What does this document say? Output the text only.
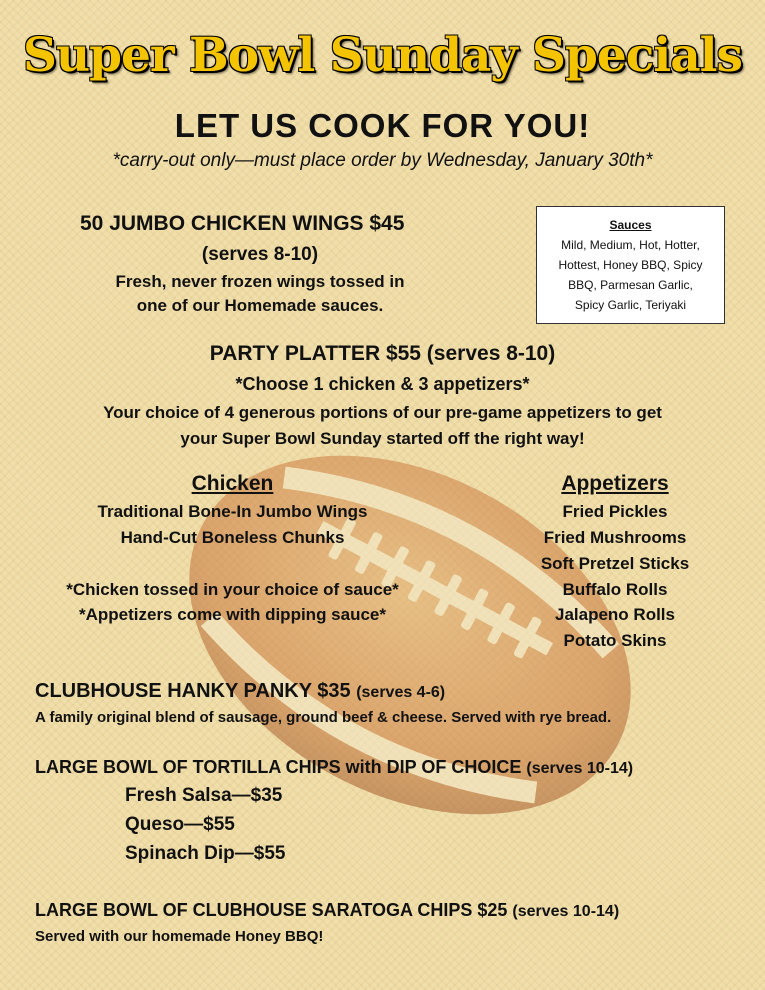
Super Bowl Sunday Specials
LET US COOK FOR YOU!
*carry-out only—must place order by Wednesday, January 30th*
50 JUMBO CHICKEN WINGS $45
(serves 8-10)
Fresh, never frozen wings tossed in
one of our Homemade sauces.
Sauces
Mild, Medium, Hot, Hotter,
Hottest, Honey BBQ, Spicy
BBQ, Parmesan Garlic,
Spicy Garlic, Teriyaki
PARTY PLATTER $55 (serves 8-10)
*Choose 1 chicken & 3 appetizers*
Your choice of 4 generous portions of our pre-game appetizers to get
your Super Bowl Sunday started off the right way!
Chicken
Traditional Bone-In Jumbo Wings
Hand-Cut Boneless Chunks
*Chicken tossed in your choice of sauce*
*Appetizers come with dipping sauce*
Appetizers
Fried Pickles
Fried Mushrooms
Soft Pretzel Sticks
Buffalo Rolls
Jalapeno Rolls
Potato Skins
CLUBHOUSE HANKY PANKY $35 (serves 4-6)
A family original blend of sausage, ground beef & cheese. Served with rye bread.
LARGE BOWL OF TORTILLA CHIPS with DIP OF CHOICE (serves 10-14)
Fresh Salsa—$35
Queso—$55
Spinach Dip—$55
LARGE BOWL OF CLUBHOUSE SARATOGA CHIPS $25 (serves 10-14)
Served with our homemade Honey BBQ!
